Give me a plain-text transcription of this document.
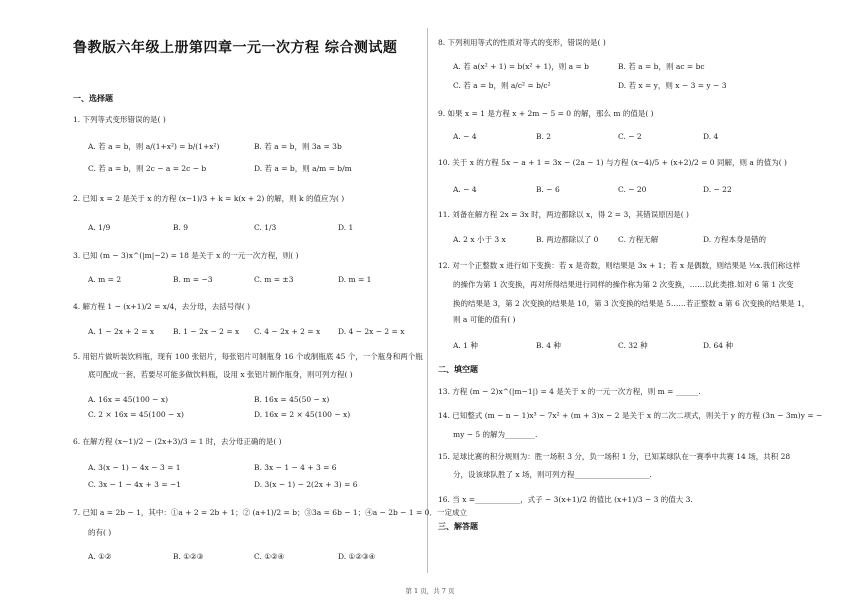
鲁教版六年级上册第四章一元一次方程 综合测试题
一、选择题
1. 下列等式变形错误的是( )
A. 若 a = b，则 a/(1+x²) = b/(1+x²)	B. 若 a = b，则 3a = 3b
C. 若 a = b，则 2c − a = 2c − b	D. 若 a = b，则 a/m = b/m
2. 已知 x = 2 是关于 x 的方程 (x−1)/3 + k = k(x + 2) 的解，则 k 的值应为( )
A. 1/9	B. 9	C. 1/3	D. 1
3. 已知 (m − 3)x^(|m|−2) = 18 是关于 x 的一元一次方程，则( )
A. m = 2	B. m = −3	C. m = ±3	D. m = 1
4. 解方程 1 − (x+1)/2 = x/4，去分母，去括号得( )
A. 1 − 2x + 2 = x	B. 1 − 2x − 2 = x C. 4 − 2x + 2 = x D. 4 − 2x − 2 = x
5. 用铝片做听装饮料瓶，现有 100 张铝片，每张铝片可制瓶身 16 个或制瓶底 45 个，一个瓶身和两个瓶
底可配成一套，若要尽可能多做饮料瓶，设用 x 张铝片制作瓶身，则可列方程( )
A. 16x = 45(100 − x)	B. 16x = 45(50 − x)
C. 2 × 16x = 45(100 − x)	D. 16x = 2 × 45(100 − x)
6. 在解方程 (x−1)/2 − (2x+3)/3 = 1 时，去分母正确的是( )
A. 3(x − 1) − 4x − 3 = 1	B. 3x − 1 − 4 + 3 = 6
C. 3x − 1 − 4x + 3 = −1	D. 3(x − 1) − 2(2x + 3) = 6
7. 已知 a = 2b − 1，其中：①a + 2 = 2b + 1；② (a+1)/2 = b；③3a = 6b − 1；④a − 2b − 1 = 0．一定成立
的有( )
A. ①②	B. ①②③	C. ①②④	D. ①②③④
8. 下列利用等式的性质对等式的变形，错误的是( )
A. 若 a(x² + 1) = b(x² + 1)，则 a = b	B. 若 a = b，则 ac = bc
C. 若 a = b，则 a/c² = b/c²	D. 若 x = y，则 x − 3 = y − 3
9. 如果 x = 1 是方程 x + 2m − 5 = 0 的解，那么 m 的值是( )
A. − 4	B. 2	C. − 2	D. 4
10. 关于 x 的方程 5x − a + 1 = 3x − (2a − 1) 与方程 (x−4)/5 + (x+2)/2 = 0 同解，则 a 的值为( )
A. − 4	B. − 6	C. − 20	D. − 22
11. 刘备在解方程 2x = 3x 时，两边都除以 x，得 2 = 3，其错误原因是( )
A. 2 x 小于 3 x	B. 两边都除以了 0	C. 方程无解	D. 方程本身是错的
12. 对一个正整数 x 进行如下变换：若 x 是奇数，则结果是 3x + 1；若 x 是偶数，则结果是 ½x.我们称这样
的操作为第 1 次变换，再对所得结果进行同样的操作称为第 2 次变换，……以此类推.如对 6 第 1 次变
换的结果是 3，第 2 次变换的结果是 10，第 3 次变换的结果是 5……若正整数 a 第 6 次变换的结果是 1，
则 a 可能的值有( )
A. 1 种	B. 4 种	C. 32 种	D. 64 种
二、填空题
13. 方程 (m − 2)x^(|m−1|) = 4 是关于 x 的一元一次方程，则 m = ______.
14. 已知整式 (m − n − 1)x³ − 7x² + (m + 3)x − 2 是关于 x 的二次二项式，则关于 y 的方程 (3n − 3m)y = −
my − 5 的解为________.
15. 足球比赛的积分规则为：胜一场积 3 分，负一场积 1 分，已知某球队在一赛季中共赛 14 场，共积 28
分，设该球队胜了 x 场，则可列方程____________________.
16. 当 x =____________，式子 − 3(x+1)/2 的值比 (x+1)/3 − 3 的值大 3.
三、解答题
第 1 页，共 7 页
